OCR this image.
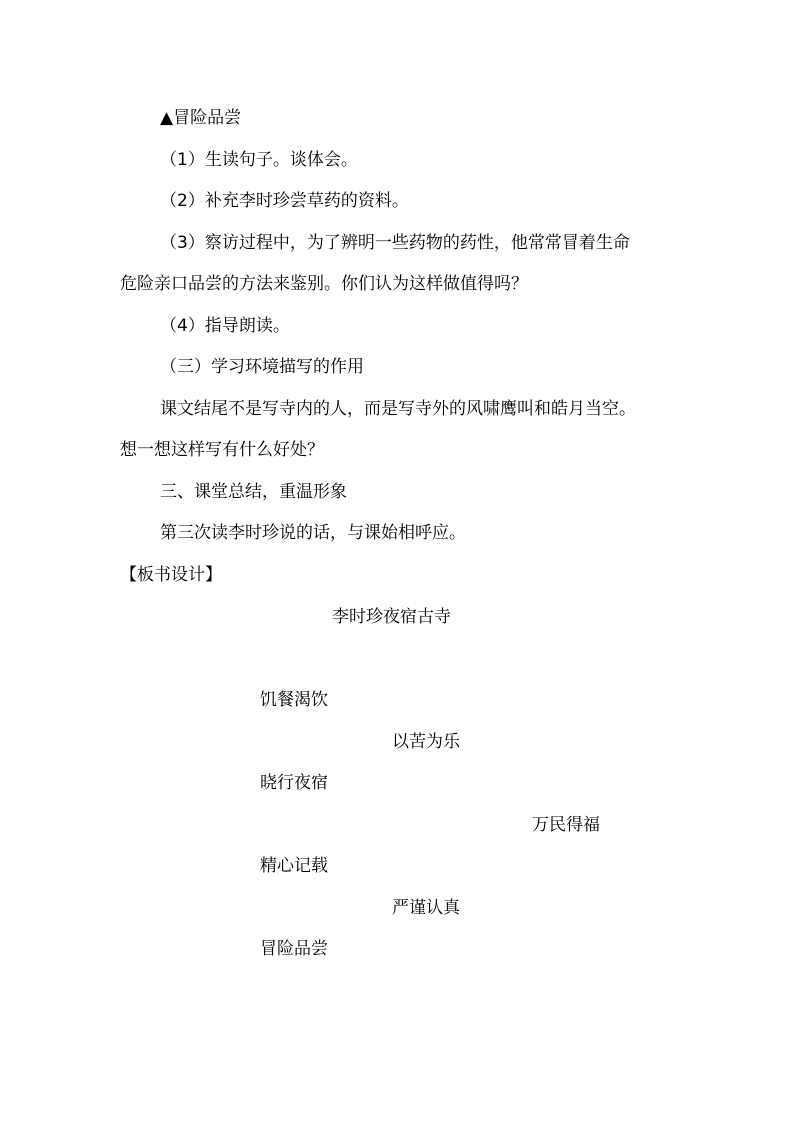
▲冒险品尝

（1）生读句子。谈体会。

（2）补充李时珍尝草药的资料。

（3）察访过程中，为了辨明一些药物的药性，他常常冒着生命

危险亲口品尝的方法来鉴别。你们认为这样做值得吗？

（4）指导朗读。

（三）学习环境描写的作用

课文结尾不是写寺内的人，而是写寺外的风啸鹰叫和皓月当空。

想一想这样写有什么好处？

三、课堂总结，重温形象

第三次读李时珍说的话，与课始相呼应。

【板书设计】

李时珍夜宿古寺

饥餐渴饮

以苦为乐

晓行夜宿

万民得福

精心记载

严谨认真

冒险品尝
